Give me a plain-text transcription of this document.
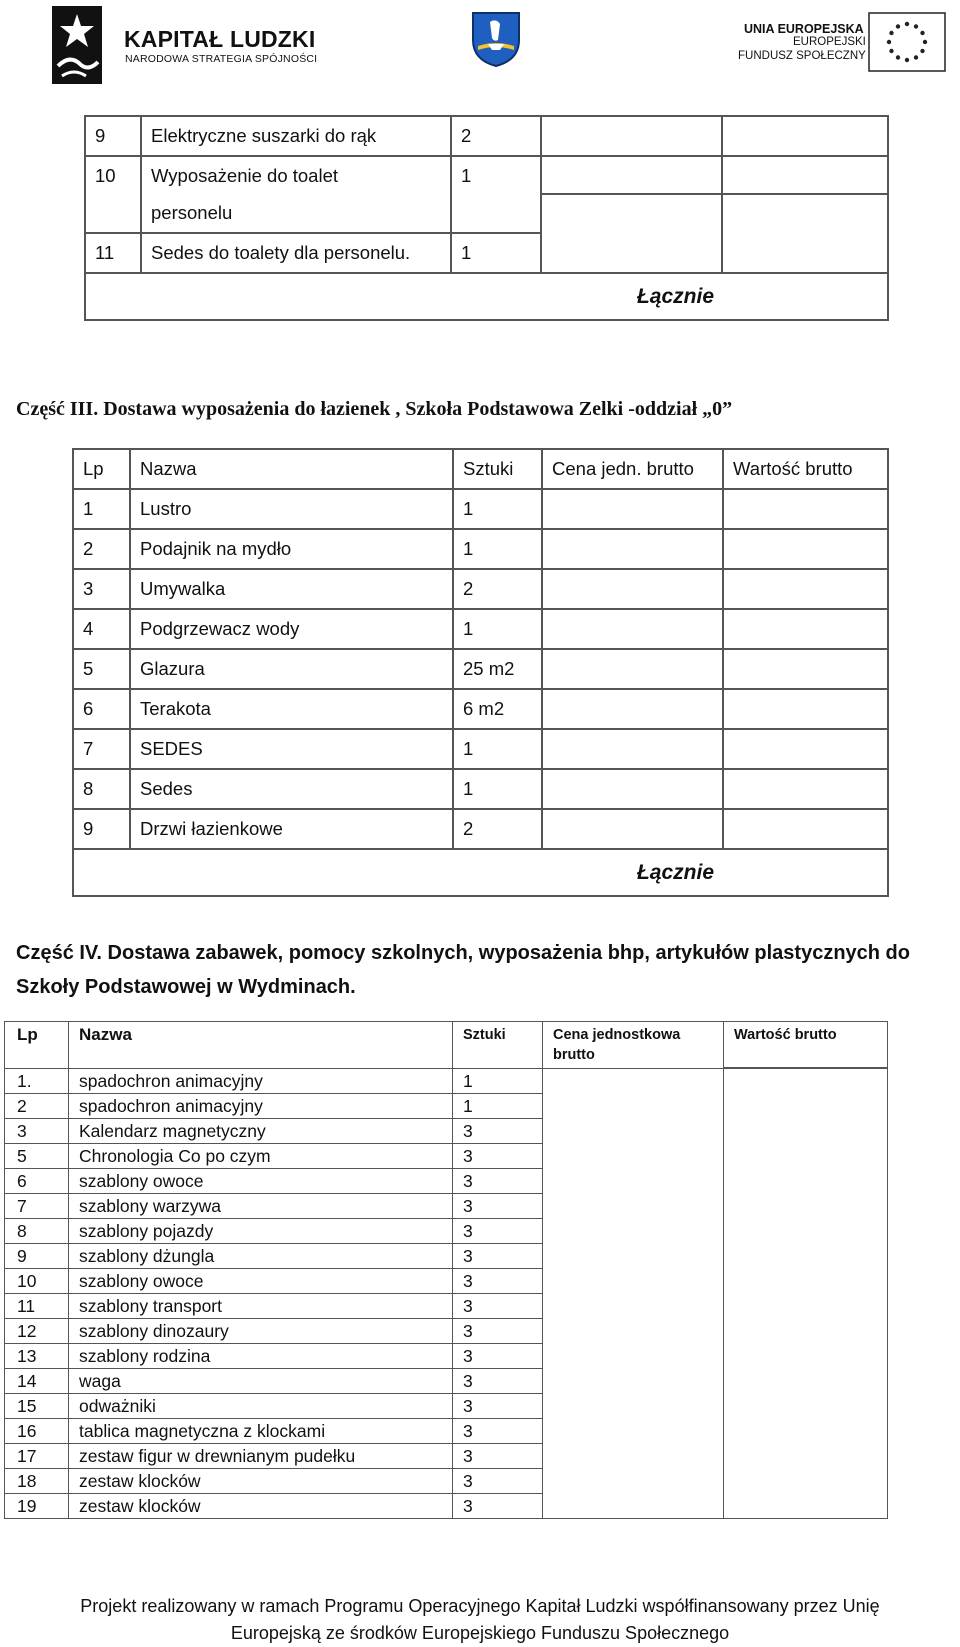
KAPITAŁ LUDZKI
NARODOWA STRATEGIA SPÓJNOŚCI
UNIA EUROPEJSKA
EUROPEJSKI
FUNDUSZ SPOŁECZNY
9	Elektryczne suszarki do rąk	2		
10	Wyposażenie do toalet	1		
	personelu			
11	Sedes do toalety dla personelu.	1		
Łącznie				
Część III. Dostawa wyposażenia do łazienek , Szkoła Podstawowa Zelki -oddział „0”
Lp	Nazwa	Sztuki	Cena jedn. brutto	Wartość brutto
1	Lustro	1		
2	Podajnik na mydło	1		
3	Umywalka	2		
4	Podgrzewacz wody	1		
5	Glazura	25 m2		
6	Terakota	6 m2		
7	SEDES	1		
8	Sedes	1		
9	Drzwi łazienkowe	2		
Łącznie				
Część IV. Dostawa zabawek, pomocy szkolnych, wyposażenia bhp, artykułów plastycznych do Szkoły Podstawowej w Wydminach.
Lp	Nazwa	Sztuki	Cena jednostkowa brutto	Wartość brutto
1.	spadochron animacyjny	1		
2	spadochron animacyjny	1		
3	Kalendarz magnetyczny	3		
5	Chronologia Co po czym	3		
6	szablony owoce	3		
7	szablony warzywa	3		
8	szablony pojazdy	3		
9	szablony dżungla	3		
10	szablony owoce	3		
11	szablony transport	3		
12	szablony dinozaury	3		
13	szablony rodzina	3		
14	waga	3		
15	odważniki	3		
16	tablica magnetyczna z klockami	3		
17	zestaw figur w drewnianym pudełku	3		
18	zestaw klocków	3		
19	zestaw klocków	3		
Projekt realizowany w ramach Programu Operacyjnego Kapitał Ludzki współfinansowany przez Unię
Europejską ze środków Europejskiego Funduszu Społecznego
